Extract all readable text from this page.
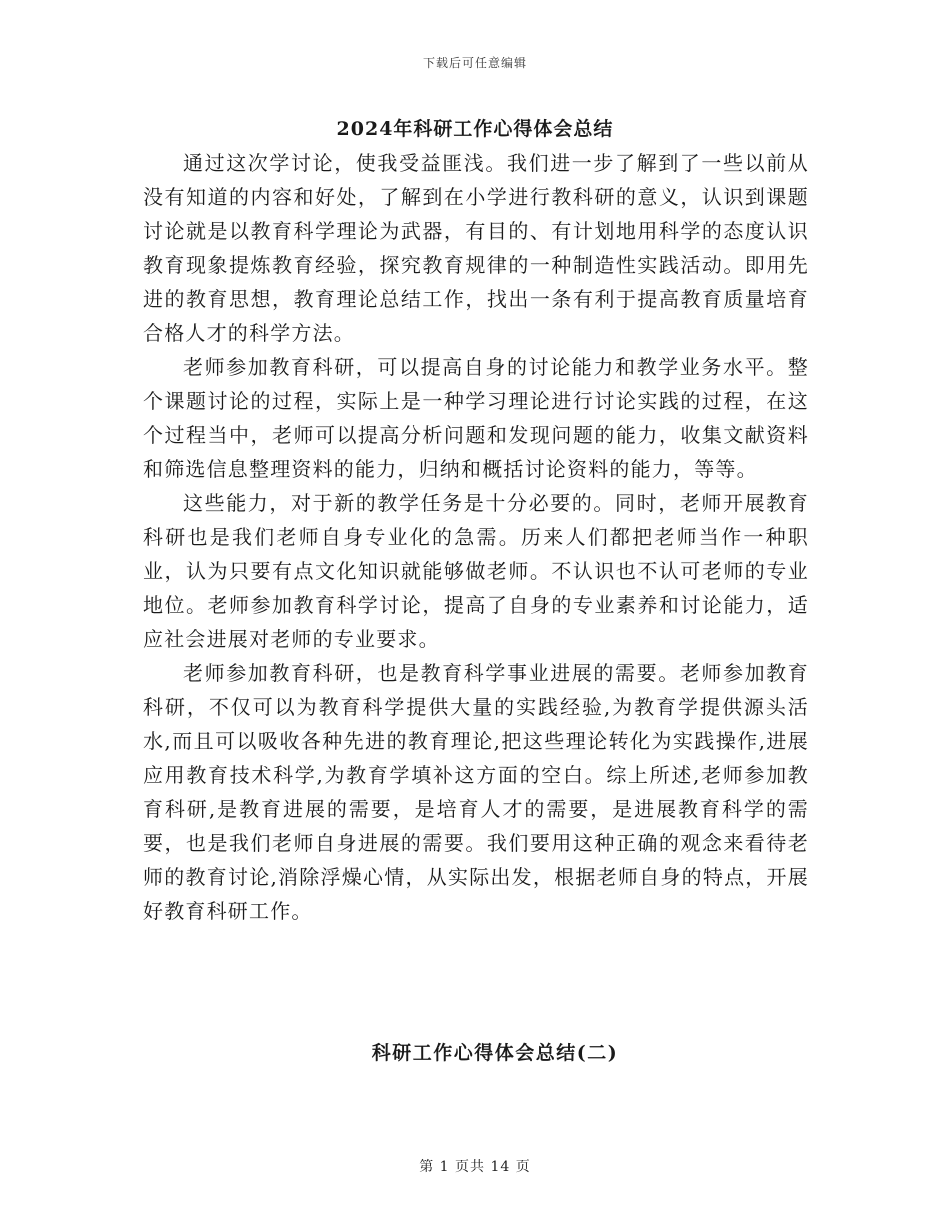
下载后可任意编辑
2024年科研工作心得体会总结

通过这次学讨论，使我受益匪浅。我们进一步了解到了一些以前从没有知道的内容和好处，了解到在小学进行教科研的意义，认识到课题讨论就是以教育科学理论为武器，有目的、有计划地用科学的态度认识教育现象提炼教育经验，探究教育规律的一种制造性实践活动。即用先进的教育思想，教育理论总结工作，找出一条有利于提高教育质量培育合格人才的科学方法。

老师参加教育科研，可以提高自身的讨论能力和教学业务水平。整个课题讨论的过程，实际上是一种学习理论进行讨论实践的过程，在这个过程当中，老师可以提高分析问题和发现问题的能力，收集文献资料和筛选信息整理资料的能力，归纳和概括讨论资料的能力，等等。

这些能力，对于新的教学任务是十分必要的。同时，老师开展教育科研也是我们老师自身专业化的急需。历来人们都把老师当作一种职业，认为只要有点文化知识就能够做老师。不认识也不认可老师的专业地位。老师参加教育科学讨论，提高了自身的专业素养和讨论能力，适应社会进展对老师的专业要求。

老师参加教育科研，也是教育科学事业进展的需要。老师参加教育科研，不仅可以为教育科学提供大量的实践经验,为教育学提供源头活水,而且可以吸收各种先进的教育理论,把这些理论转化为实践操作,进展应用教育技术科学,为教育学填补这方面的空白。综上所述,老师参加教育科研,是教育进展的需要，是培育人才的需要，是进展教育科学的需要，也是我们老师自身进展的需要。我们要用这种正确的观念来看待老师的教育讨论,消除浮燥心情，从实际出发，根据老师自身的特点，开展好教育科研工作。

科研工作心得体会总结(二)
第 1 页共 14 页
